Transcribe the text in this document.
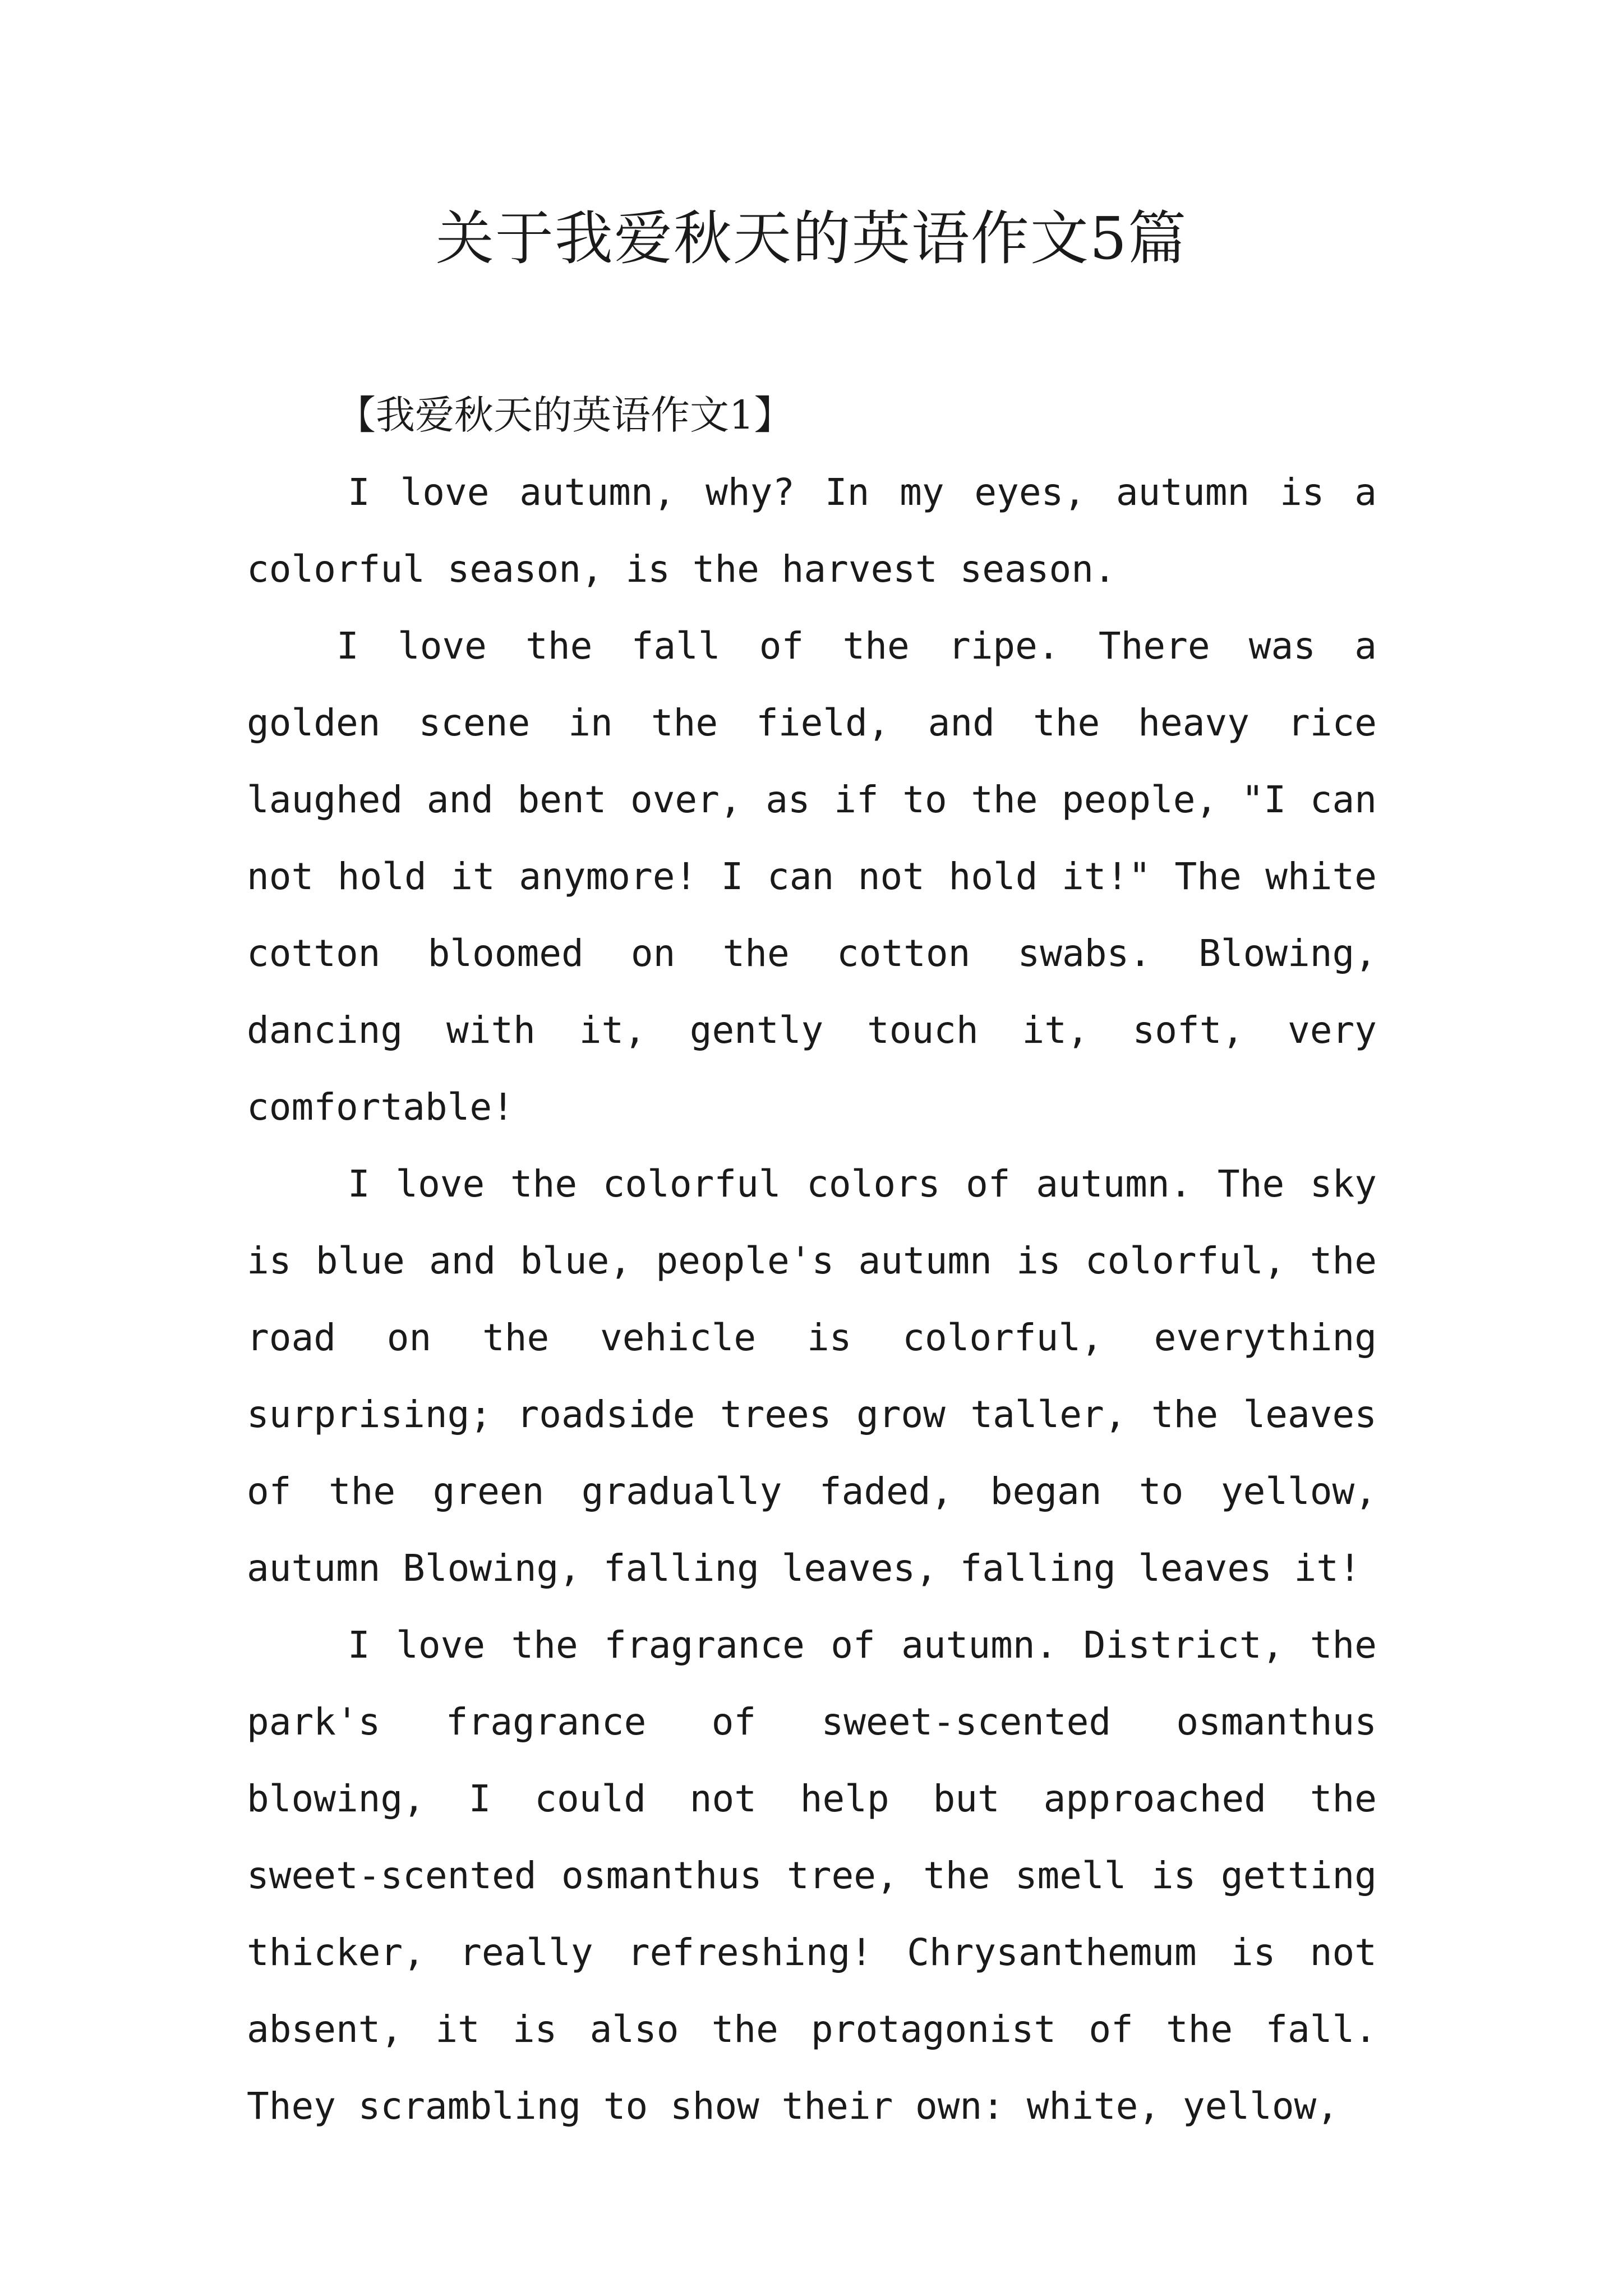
关于我爱秋天的英语作文5篇
【我爱秋天的英语作文1】

I love autumn, why? In my eyes, autumn is a colorful season, is the harvest season.

I love the fall of the ripe. There was a golden scene in the field, and the heavy rice laughed and bent over, as if to the people, "I can not hold it anymore! I can not hold it!" The white cotton bloomed on the cotton swabs. Blowing, dancing with it, gently touch it, soft, very comfortable!

I love the colorful colors of autumn. The sky is blue and blue, people's autumn is colorful, the road on the vehicle is colorful, everything surprising; roadside trees grow taller, the leaves of the green gradually faded, began to yellow, autumn Blowing, falling leaves, falling leaves it!

I love the fragrance of autumn. District, the park's fragrance of sweet-scented osmanthus blowing, I could not help but approached the sweet-scented osmanthus tree, the smell is getting thicker, really refreshing! Chrysanthemum is not absent, it is also the protagonist of the fall. They scrambling to show their own: white, yellow,
